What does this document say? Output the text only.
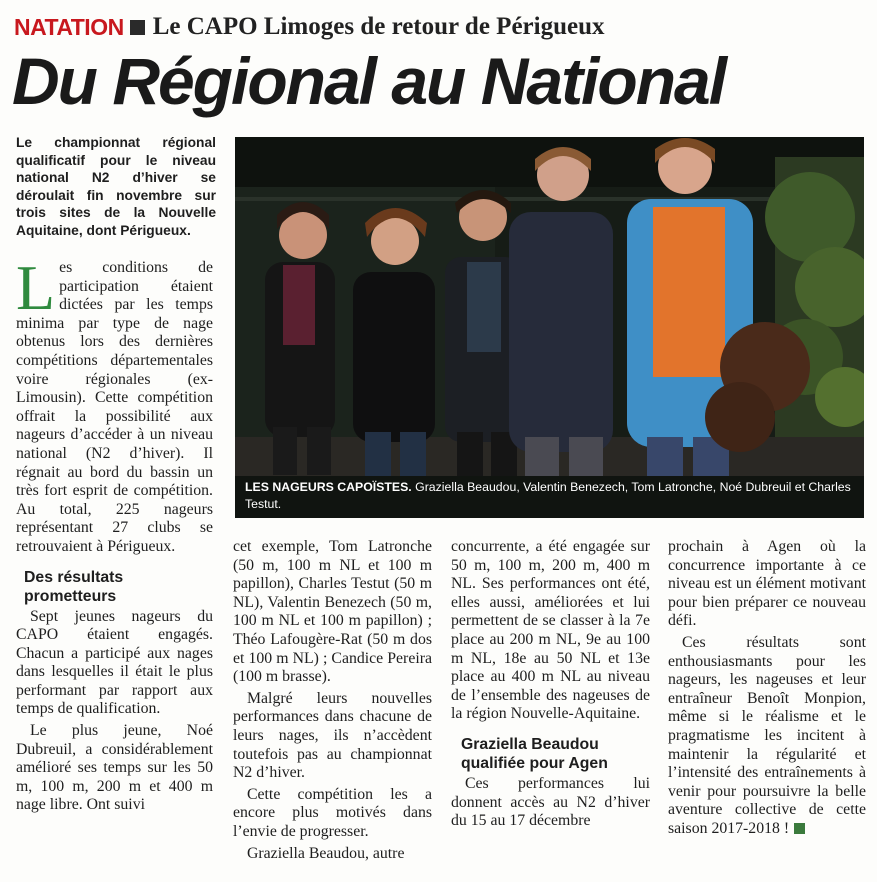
NATATION Le CAPO Limoges de retour de Périgueux
Du Régional au National
Le championnat régional qualificatif pour le niveau national N2 d’hiver se déroulait fin novembre sur trois sites de la Nouvelle Aquitaine, dont Périgueux.
LES NAGEURS CAPOÏSTES. Graziella Beaudou, Valentin Benezech, Tom Latronche, Noé Dubreuil et Charles Testut.

Les conditions de participation étaient dictées par les temps minima par type de nage obtenus lors des dernières compétitions départementales voire régionales (ex-Limousin). Cette compétition offrait la possibilité aux nageurs d’accéder à un niveau national (N2 d’hiver). Il régnait au bord du bassin un très fort esprit de compétition. Au total, 225 nageurs représentant 27 clubs se retrouvaient à Périgueux.

Des résultats prometteurs

Sept jeunes nageurs du CAPO étaient engagés. Chacun a participé aux nages dans lesquelles il était le plus performant par rapport aux temps de qualification.

Le plus jeune, Noé Dubreuil, a considérablement amélioré ses temps sur les 50 m, 100 m, 200 m et 400 m nage libre. Ont suivi

cet exemple, Tom Latronche (50 m, 100 m NL et 100 m papillon), Charles Testut (50 m NL), Valentin Benezech (50 m, 100 m NL et 100 m papillon) ; Théo Lafougère-Rat (50 m dos et 100 m NL) ; Candice Pereira (100 m brasse).

Malgré leurs nouvelles performances dans chacune de leurs nages, ils n’accèdent toutefois pas au championnat N2 d’hiver.

Cette compétition les a encore plus motivés dans l’envie de progresser.

Graziella Beaudou, autre

concurrente, a été engagée sur 50 m, 100 m, 200 m, 400 m NL. Ses performances ont été, elles aussi, améliorées et lui permettent de se classer à la 7e place au 200 m NL, 9e au 100 m NL, 18e au 50 NL et 13e place au 400 m NL au niveau de l’ensemble des nageuses de la région Nouvelle-Aquitaine.

Graziella Beaudou qualifiée pour Agen

Ces performances lui donnent accès au N2 d’hiver du 15 au 17 décembre

prochain à Agen où la concurrence importante à ce niveau est un élément motivant pour bien préparer ce nouveau défi.

Ces résultats sont enthousiasmants pour les nageurs, les nageuses et leur entraîneur Benoît Monpion, même si le réalisme et le pragmatisme les incitent à maintenir la régularité et l’intensité des entraînements à venir pour poursuivre la belle aventure collective de cette saison 2017-2018 !
